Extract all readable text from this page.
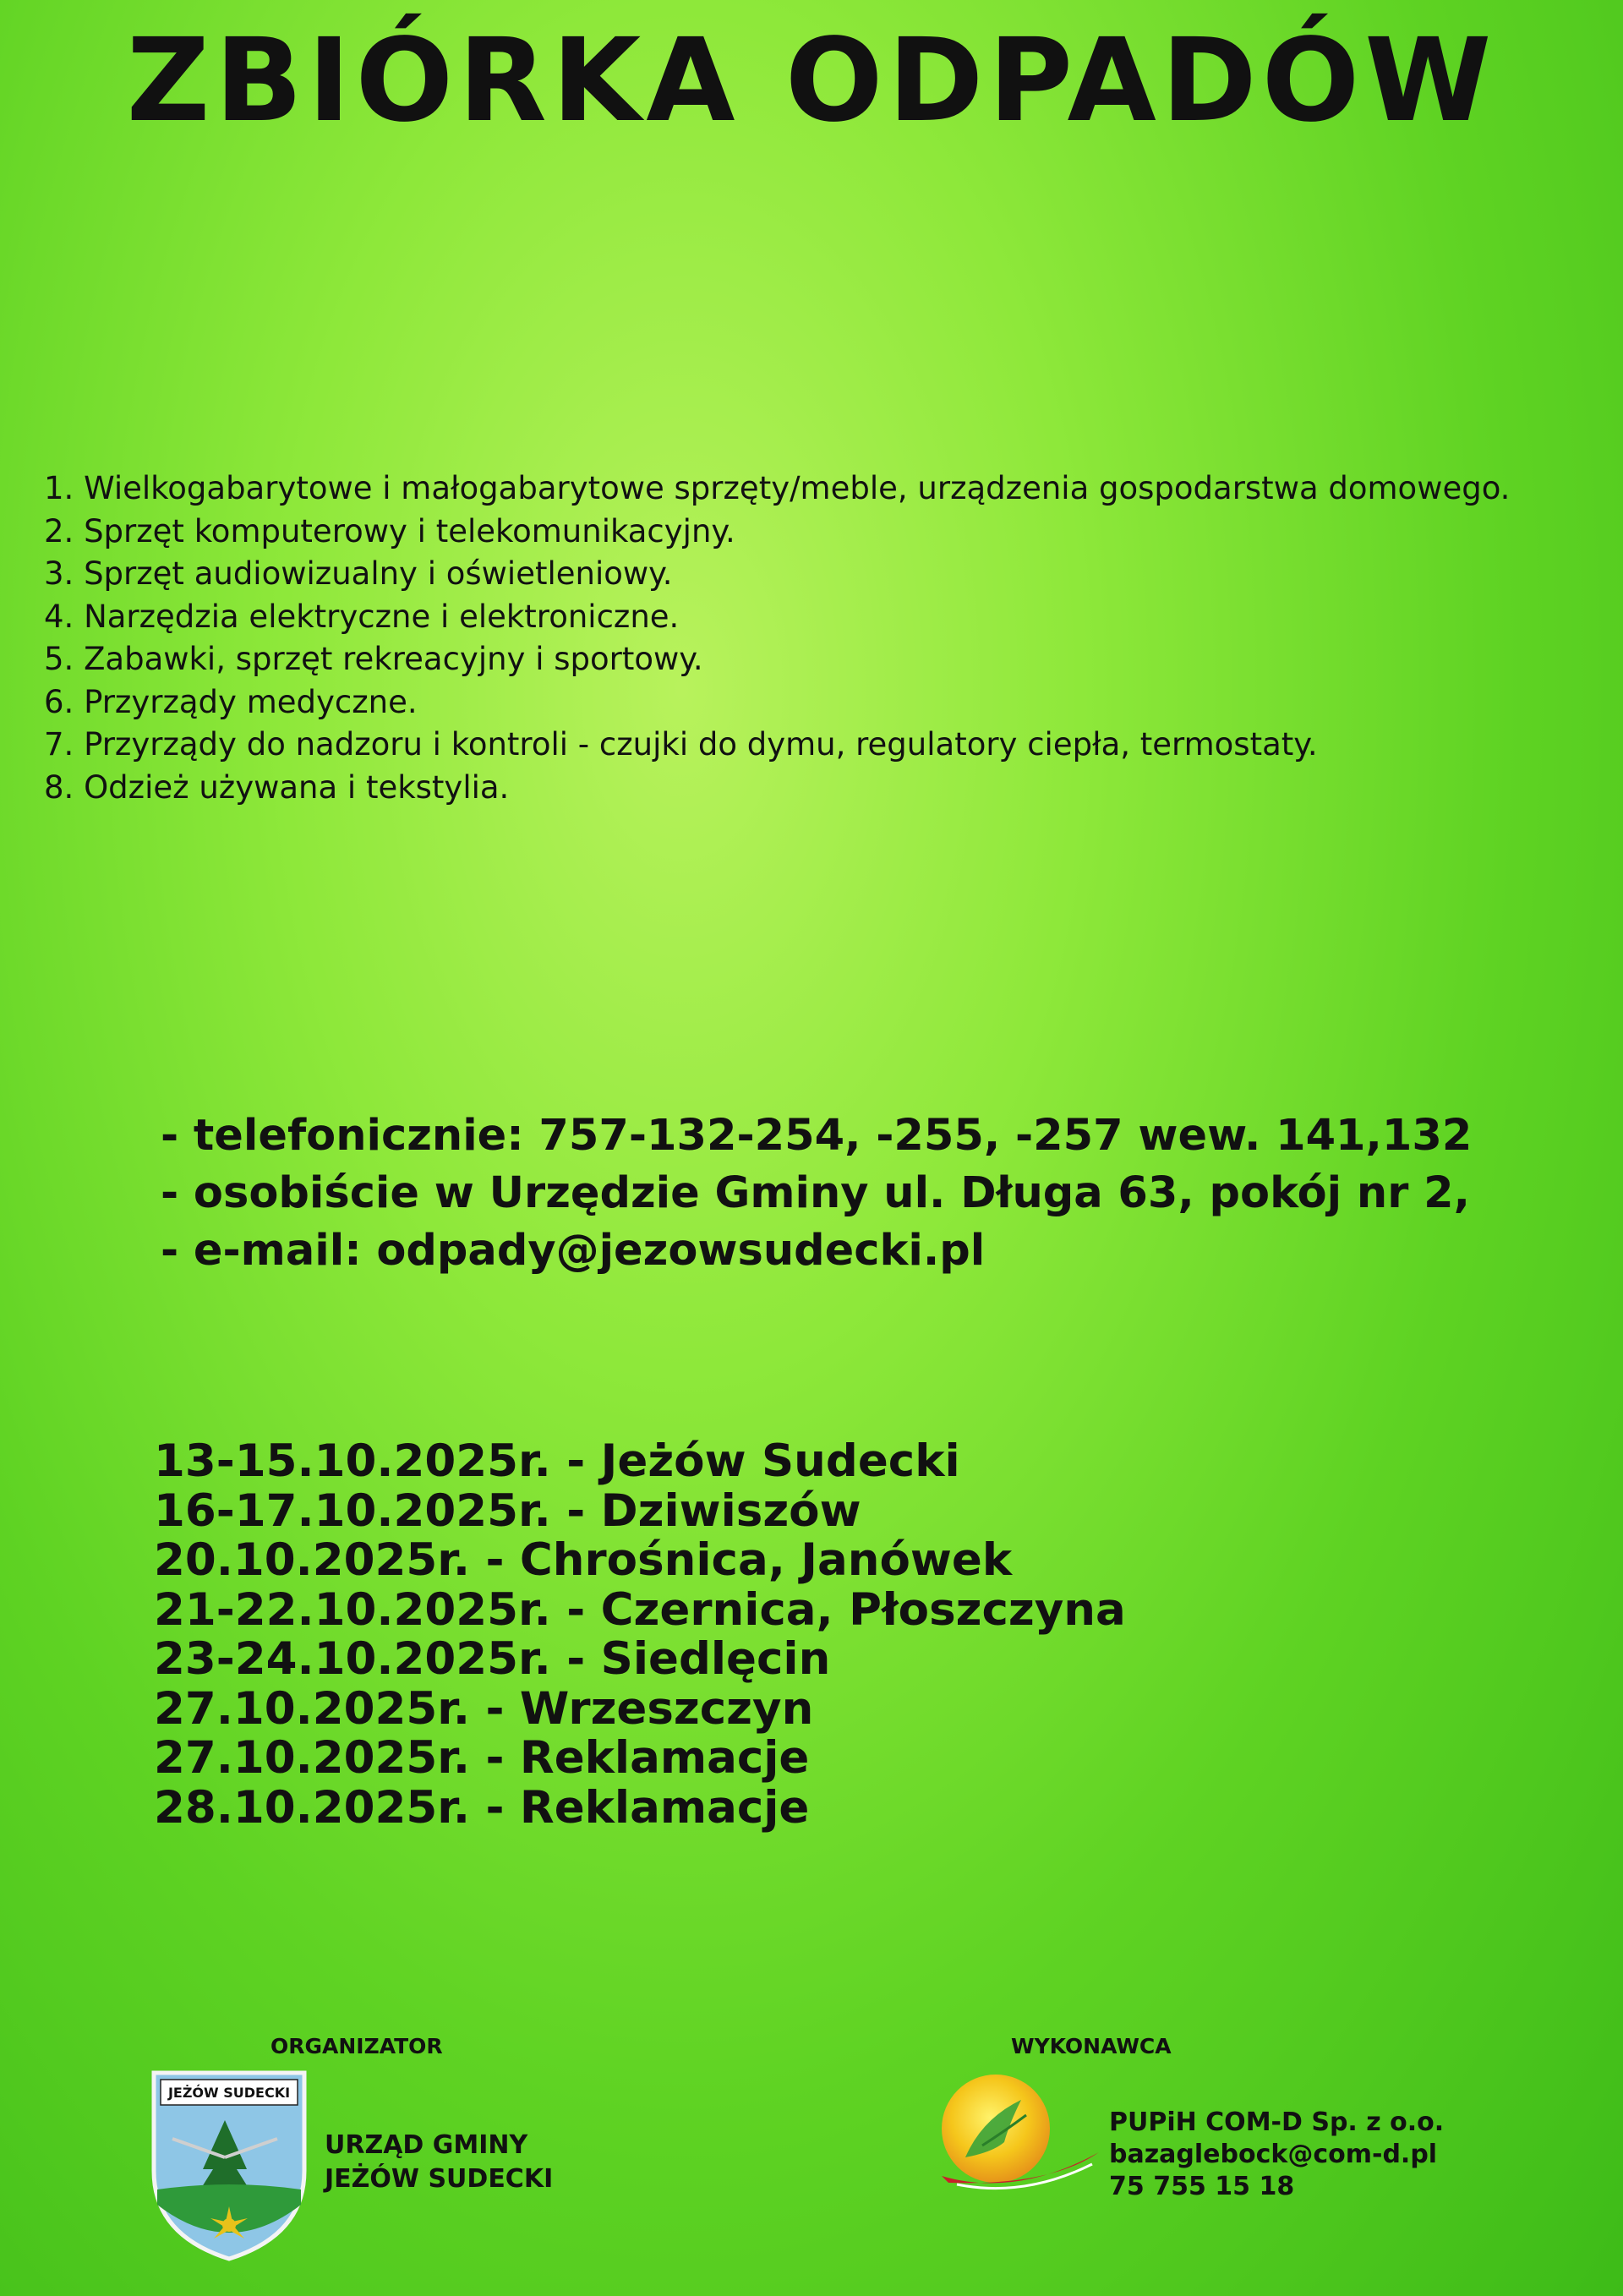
ZBIÓRKA ODPADÓW
1. Wielkogabarytowe i małogabarytowe sprzęty/meble, urządzenia gospodarstwa domowego.
2. Sprzęt komputerowy i telekomunikacyjny.
3. Sprzęt audiowizualny i oświetleniowy.
4. Narzędzia elektryczne i elektroniczne.
5. Zabawki, sprzęt rekreacyjny i sportowy.
6. Przyrządy medyczne.
7. Przyrządy do nadzoru i kontroli - czujki do dymu, regulatory ciepła, termostaty.
8. Odzież używana i tekstylia.
- telefonicznie: 757-132-254, -255, -257 wew. 141,132
- osobiście w Urzędzie Gminy ul. Długa 63, pokój nr 2,
- e-mail: odpady@jezowsudecki.pl
13-15.10.2025r. - Jeżów Sudecki
16-17.10.2025r. - Dziwiszów
20.10.2025r. - Chrośnica, Janówek
21-22.10.2025r. - Czernica, Płoszczyna
23-24.10.2025r. - Siedlęcin
27.10.2025r. - Wrzeszczyn
27.10.2025r. - Reklamacje
28.10.2025r. - Reklamacje
ORGANIZATOR	WYKONAWCA
JEŻÓW SUDECKI
URZĄD GMINY
JEŻÓW SUDECKI
PUPiH COM-D Sp. z o.o.
bazaglebock@com-d.pl
75 755 15 18
